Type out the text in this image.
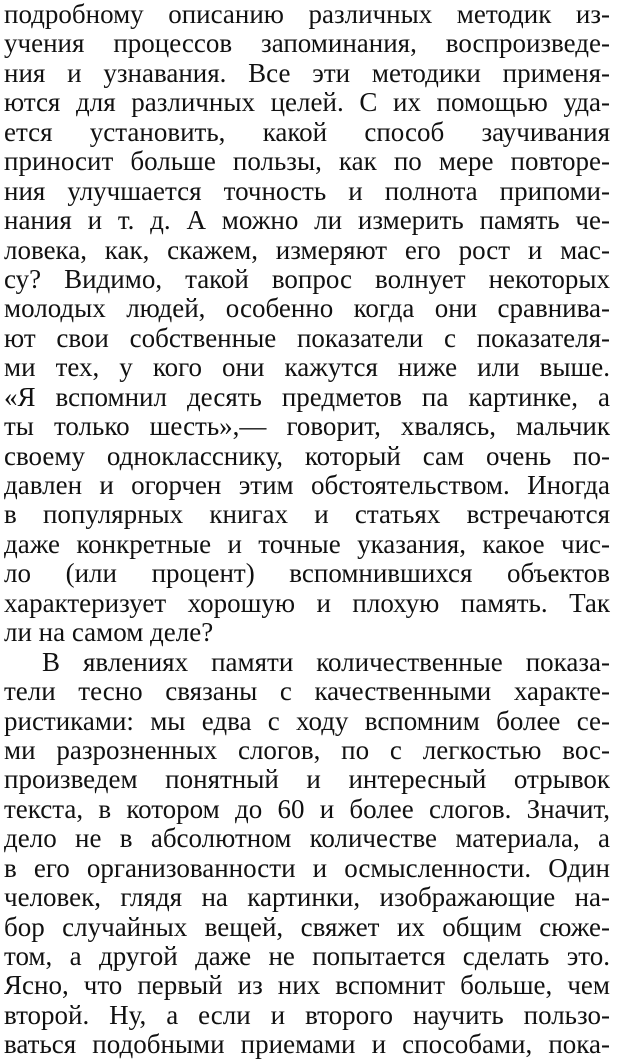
подробному описанию различных методик из-
учения процессов запоминания, воспроизведе-
ния и узнавания. Все эти методики применя-
ются для различных целей. С их помощью уда-
ется установить, какой способ заучивания
приносит больше пользы, как по мере повторе-
ния улучшается точность и полнота припоми-
нания и т. д. А можно ли измерить память че-
ловека, как, скажем, измеряют его рост и мас-
су? Видимо, такой вопрос волнует некоторых
молодых людей, особенно когда они сравнива-
ют свои собственные показатели с показателя-
ми тех, у кого они кажутся ниже или выше.
«Я вспомнил десять предметов па картинке, а
ты только шесть»,— говорит, хвалясь, мальчик
своему однокласснику, который сам очень по-
давлен и огорчен этим обстоятельством. Иногда
в популярных книгах и статьях встречаются
даже конкретные и точные указания, какое чис-
ло (или процент) вспомнившихся объектов
характеризует хорошую и плохую память. Так
ли на самом деле?
В явлениях памяти количественные показа-
тели тесно связаны с качественными характе-
ристиками: мы едва с ходу вспомним более се-
ми разрозненных слогов, по с легкостью вос-
произведем понятный и интересный отрывок
текста, в котором до 60 и более слогов. Значит,
дело не в абсолютном количестве материала, а
в его организованности и осмысленности. Один
человек, глядя на картинки, изображающие на-
бор случайных вещей, свяжет их общим сюже-
том, а другой даже не попытается сделать это.
Ясно, что первый из них вспомнит больше, чем
второй. Ну, а если и второго научить пользо-
ваться подобными приемами и способами, пока-
